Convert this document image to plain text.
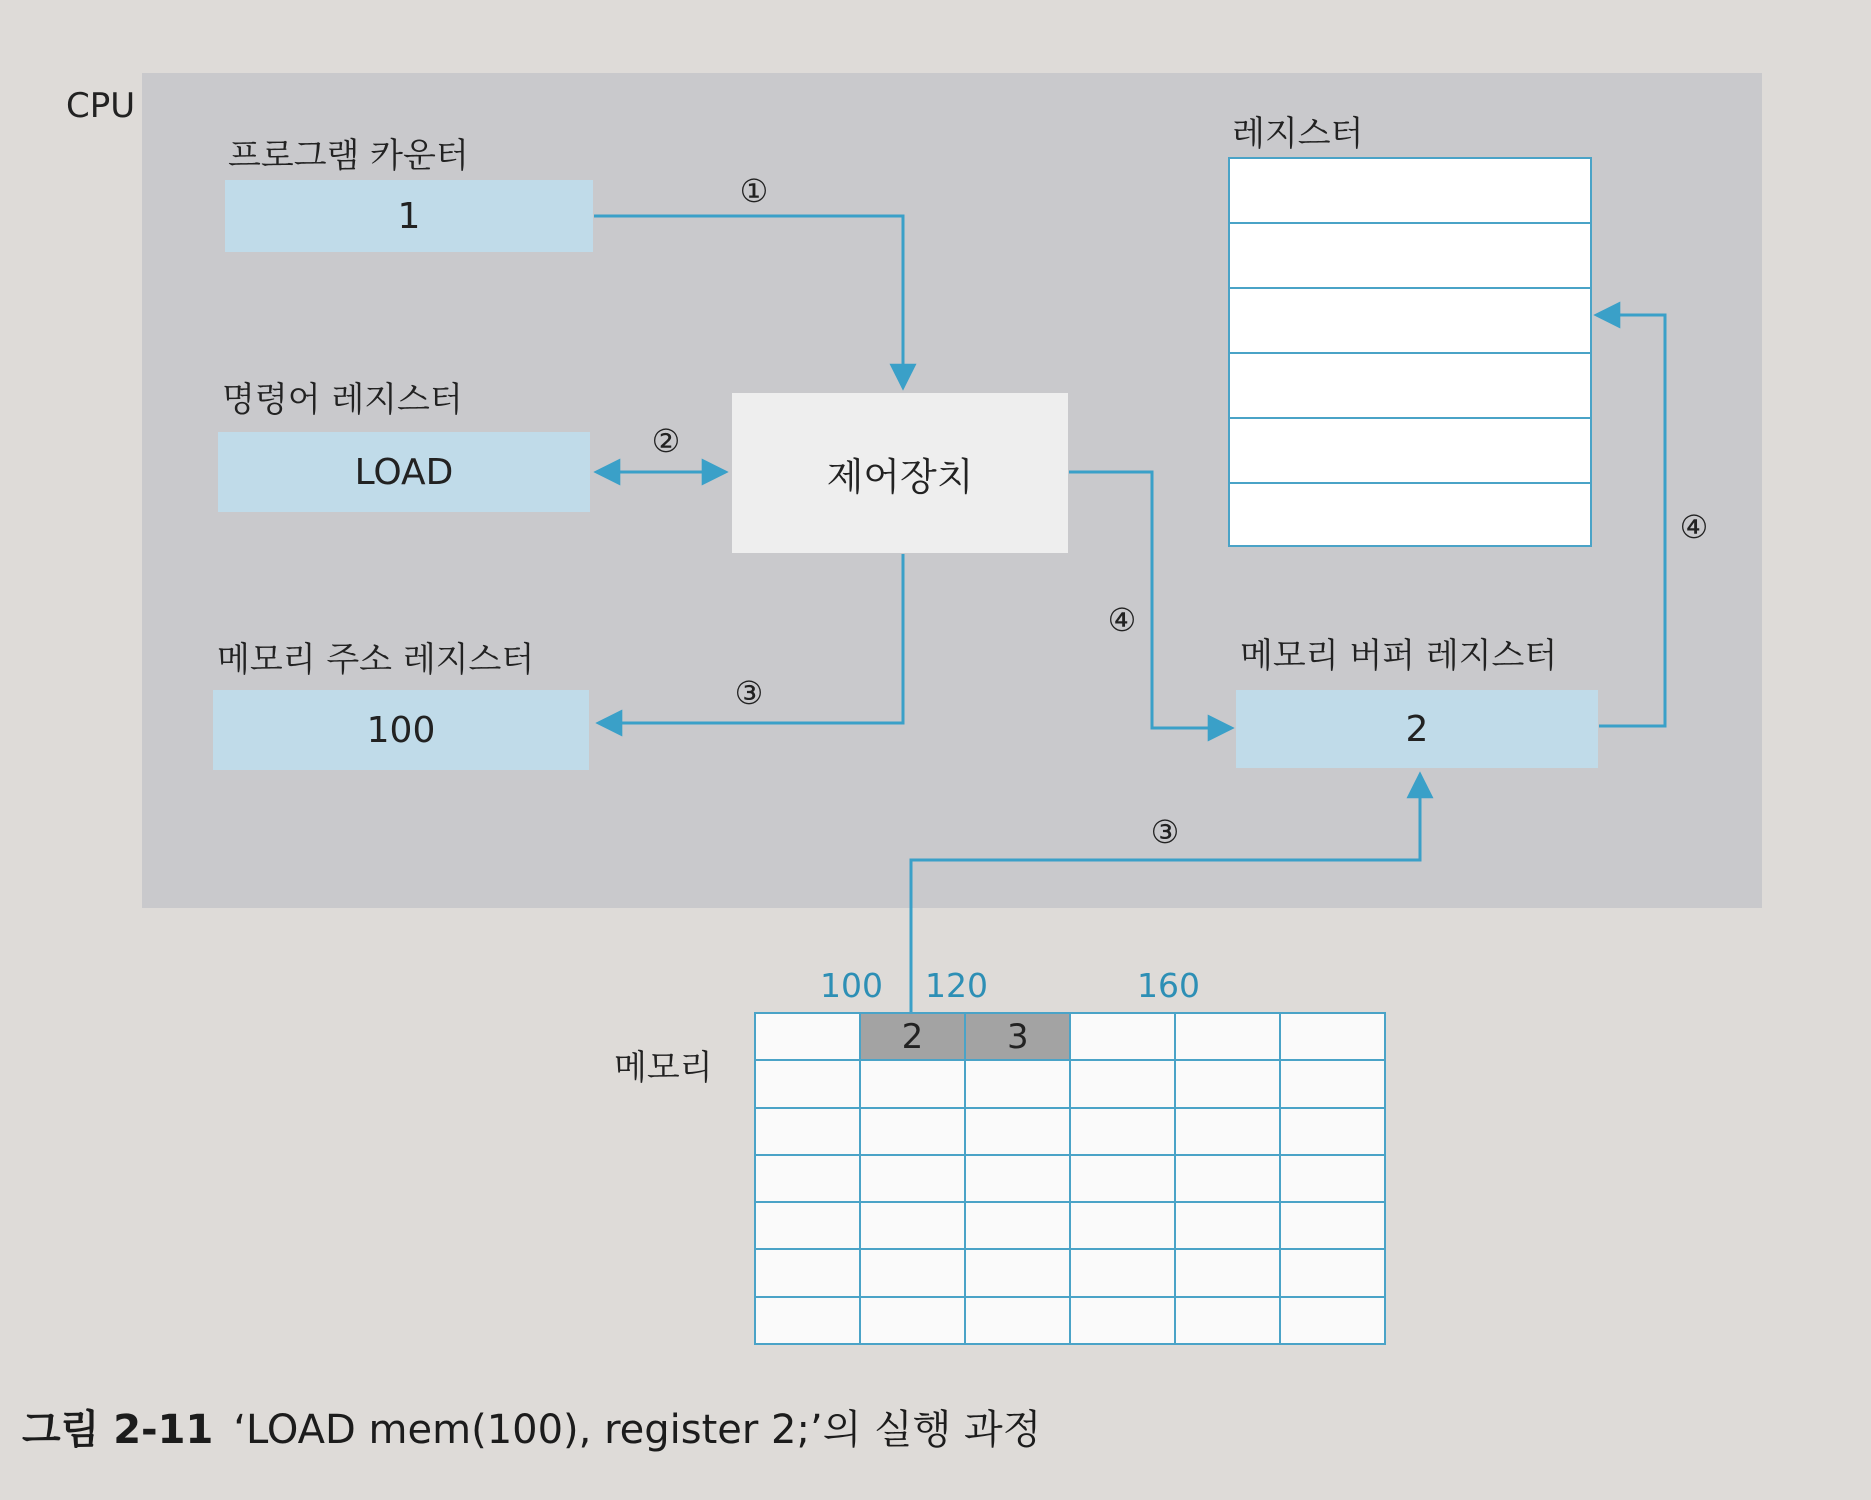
CPU
프로그램 카운터
1
명령어 레지스터
LOAD
메모리 주소 레지스터
100
제어장치
레지스터
메모리 버퍼 레지스터
2
①
②
③
④
④
③
메모리
100 120	160
	2	3			

그림 2-11 ‘LOAD mem(100), register 2;’의 실행 과정
